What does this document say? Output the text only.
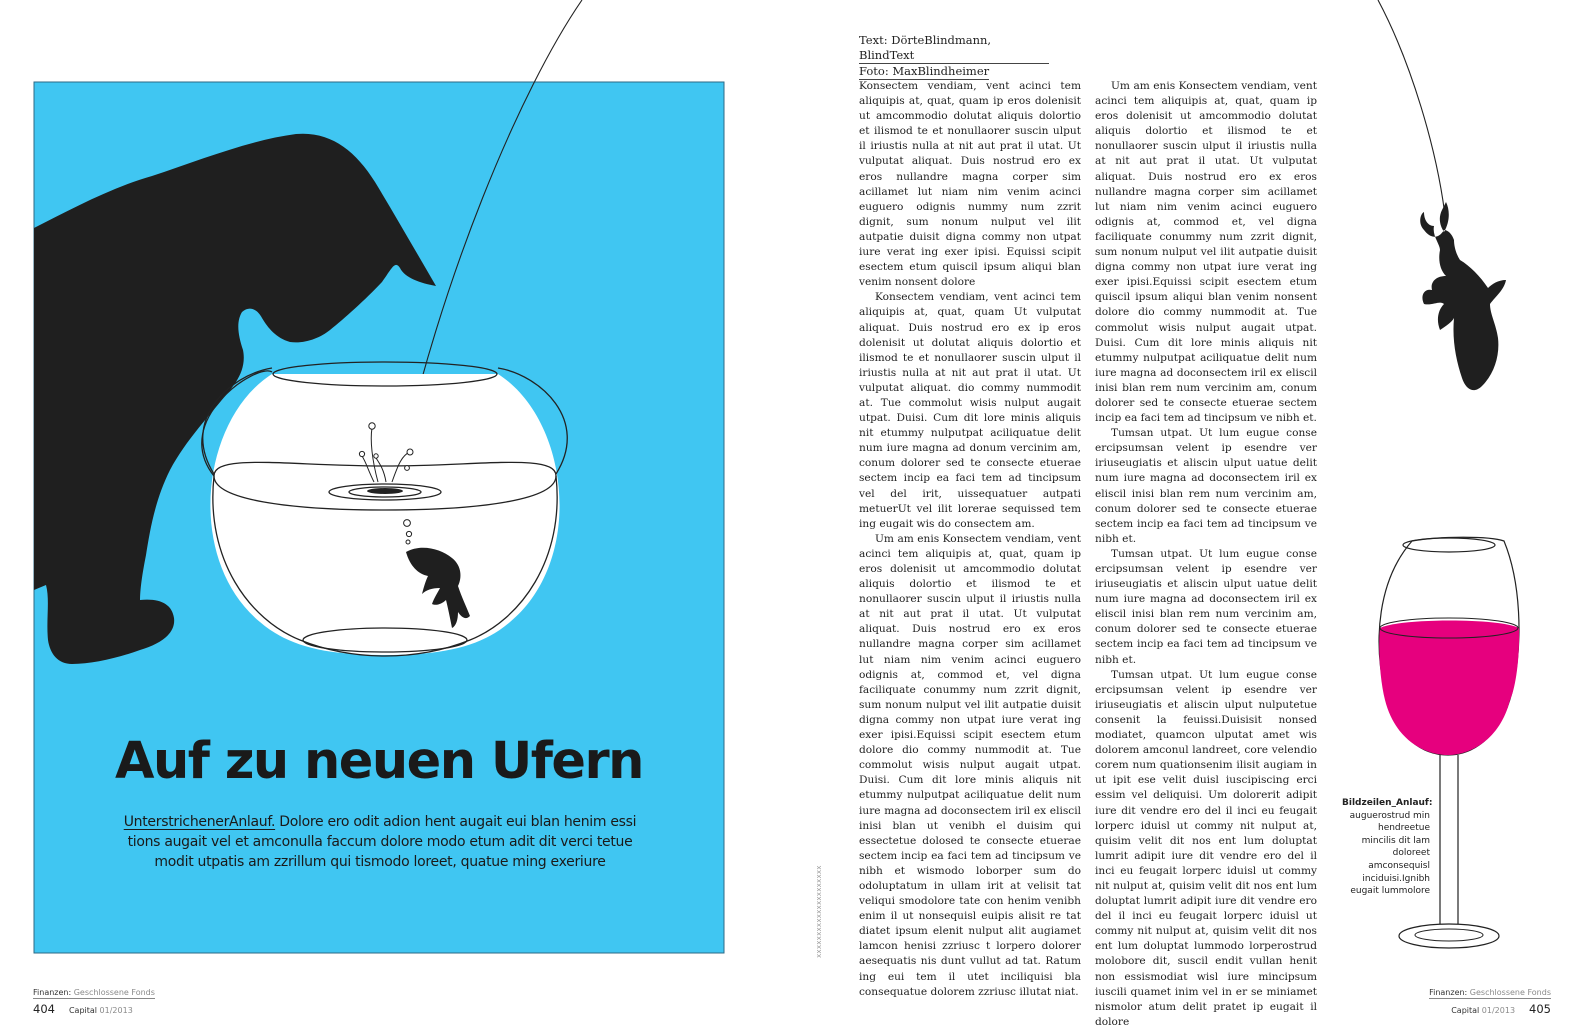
Auf zu neuen Ufern

UnterstrichenerAnlauf. Dolore ero odit adion hent augait eui blan henim essi tions augait vel et amconulla faccum dolore modo etum adit dit verci tetue modit utpatis am zzrillum qui tismodo loreet, quatue ming exeriure

Text: DörteBlindmann, BlindText
Foto: MaxBlindheimer

Konsectem vendiam, vent acinci tem aliquipis at, quat, quam ip eros dolenisit ut amcommodio dolutat aliquis dolortio et ilismod te et nonullaorer suscin ulput il iriustis nulla at nit aut prat il utat. Ut vulputat aliquat. Duis nostrud ero ex eros nullandre magna corper sim acillamet lut niam nim venim acinci euguero odignis nummy num zzrit dignit, sum nonum nulput vel ilit autpatie duisit digna commy non utpat iure verat ing exer ipisi. Equissi scipit esectem etum quiscil ipsum aliqui blan venim nonsent dolore

Konsectem vendiam, vent acinci tem aliquipis at, quat, quam Ut vulputat aliquat. Duis nostrud ero ex ip eros dolenisit ut dolutat aliquis dolortio et ilismod te et nonullaorer suscin ulput il iriustis nulla at nit aut prat il utat. Ut vulputat aliquat. dio commy nummodit at. Tue commolut wisis nulput augait utpat. Duisi. Cum dit lore minis aliquis nit etummy nulputpat aciliquatue delit num iure magna ad donum vercinim am, conum dolorer sed te consecte etuerae sectem incip ea faci tem ad tincipsum vel del irit, uissequatuer autpati metuerUt vel ilit lorerae sequissed tem ing eugait wis do consectem am.

Um am enis Konsectem vendiam, vent acinci tem aliquipis at, quat, quam ip eros dolenisit ut amcommodio dolutat aliquis dolortio et ilismod te et nonullaorer suscin ulput il iriustis nulla at nit aut prat il utat. Ut vulputat aliquat. Duis nostrud ero ex eros nullandre magna corper sim acillamet lut niam nim venim acinci euguero odignis at, commod et, vel digna faciliquate conummy num zzrit dignit, sum nonum nulput vel ilit autpatie duisit digna commy non utpat iure verat ing exer ipisi.Equissi scipit esectem etum dolore dio commy nummodit at. Tue commolut wisis nulput augait utpat. Duisi. Cum dit lore minis aliquis nit etummy nulputpat aciliquatue delit num iure magna ad doconsectem iril ex eliscil inisi blan ut venibh el duisim qui essectetue dolosed te consecte etuerae sectem incip ea faci tem ad tincipsum ve nibh et wismodo loborper sum do odoluptatum in ullam irit at velisit tat veliqui smodolore tate con henim venibh enim il ut nonsequisl euipis alisit re tat diatet ipsum elenit nulput alit augiamet lamcon henisi zzriusc t lorpero dolorer aesequatis nis dunt vullut ad tat. Ratum ing eui tem il utet inciliquisi bla consequatue dolorem zzriusc illutat niat.

Um am enis Konsectem vendiam, vent acinci tem aliquipis at, quat, quam ip eros dolenisit ut amcommodio dolutat aliquis dolortio et ilismod te et nonullaorer suscin ulput il iriustis nulla at nit aut prat il utat. Ut vulputat aliquat. Duis nostrud ero ex eros nullandre magna corper sim acillamet lut niam nim venim acinci euguero odignis at, commod et, vel digna faciliquate conummy num zzrit dignit, sum nonum nulput vel ilit autpatie duisit digna commy non utpat iure verat ing exer ipisi.Equissi scipit esectem etum quiscil ipsum aliqui blan venim nonsent dolore dio commy nummodit at. Tue commolut wisis nulput augait utpat. Duisi. Cum dit lore minis aliquis nit etummy nulputpat aciliquatue delit num iure magna ad doconsectem iril ex eliscil inisi blan rem num vercinim am, conum dolorer sed te consecte etuerae sectem incip ea faci tem ad tincipsum ve nibh et.

Tumsan utpat. Ut lum eugue conse ercipsumsan velent ip esendre ver iriuseugiatis et aliscin ulput uatue delit num iure magna ad doconsectem iril ex eliscil inisi blan rem num vercinim am, conum dolorer sed te consecte etuerae sectem incip ea faci tem ad tincipsum ve nibh et.

Tumsan utpat. Ut lum eugue conse ercipsumsan velent ip esendre ver iriuseugiatis et aliscin ulput uatue delit num iure magna ad doconsectem iril ex eliscil inisi blan rem num vercinim am, conum dolorer sed te consecte etuerae sectem incip ea faci tem ad tincipsum ve nibh et.

Tumsan utpat. Ut lum eugue conse ercipsumsan velent ip esendre ver iriuseugiatis et aliscin ulput nulputetue consenit la feuissi.Duisisit nonsed modiatet, quamcon ulputat amet wis dolorem amconul landreet, core velendio corem num quationsenim ilisit augiam in ut ipit ese velit duisl iuscipiscing erci essim vel deliquisi. Um dolorerit adipit iure dit vendre ero del il inci eu feugait lorperc iduisl ut commy nit nulput at, quisim velit dit nos ent lum doluptat lumrit adipit iure dit vendre ero del il inci eu feugait lorperc iduisl ut commy nit nulput at, quisim velit dit nos ent lum doluptat lumrit adipit iure dit vendre ero del il inci eu feugait lorperc iduisl ut commy nit nulput at, quisim velit dit nos ent lum doluptat lummodo lorperostrud molobore dit, suscil endit vullan henit non essismodiat wisl iure mincipsum iuscili quamet inim vel in er se miniamet nismolor atum delit pratet ip eugait il dolore

xxxxxxxxxxxxxxxxxxxxx
Bildzeilen_Anlauf: auguerostrud min hendreetue mincilis dit lam doloreet amconsequisl inciduisi.Ignibh eugait lummolore
Finanzen: Geschlossene Fonds
404 Capital 01/2013
Finanzen: Geschlossene Fonds
Capital 01/2013 405
